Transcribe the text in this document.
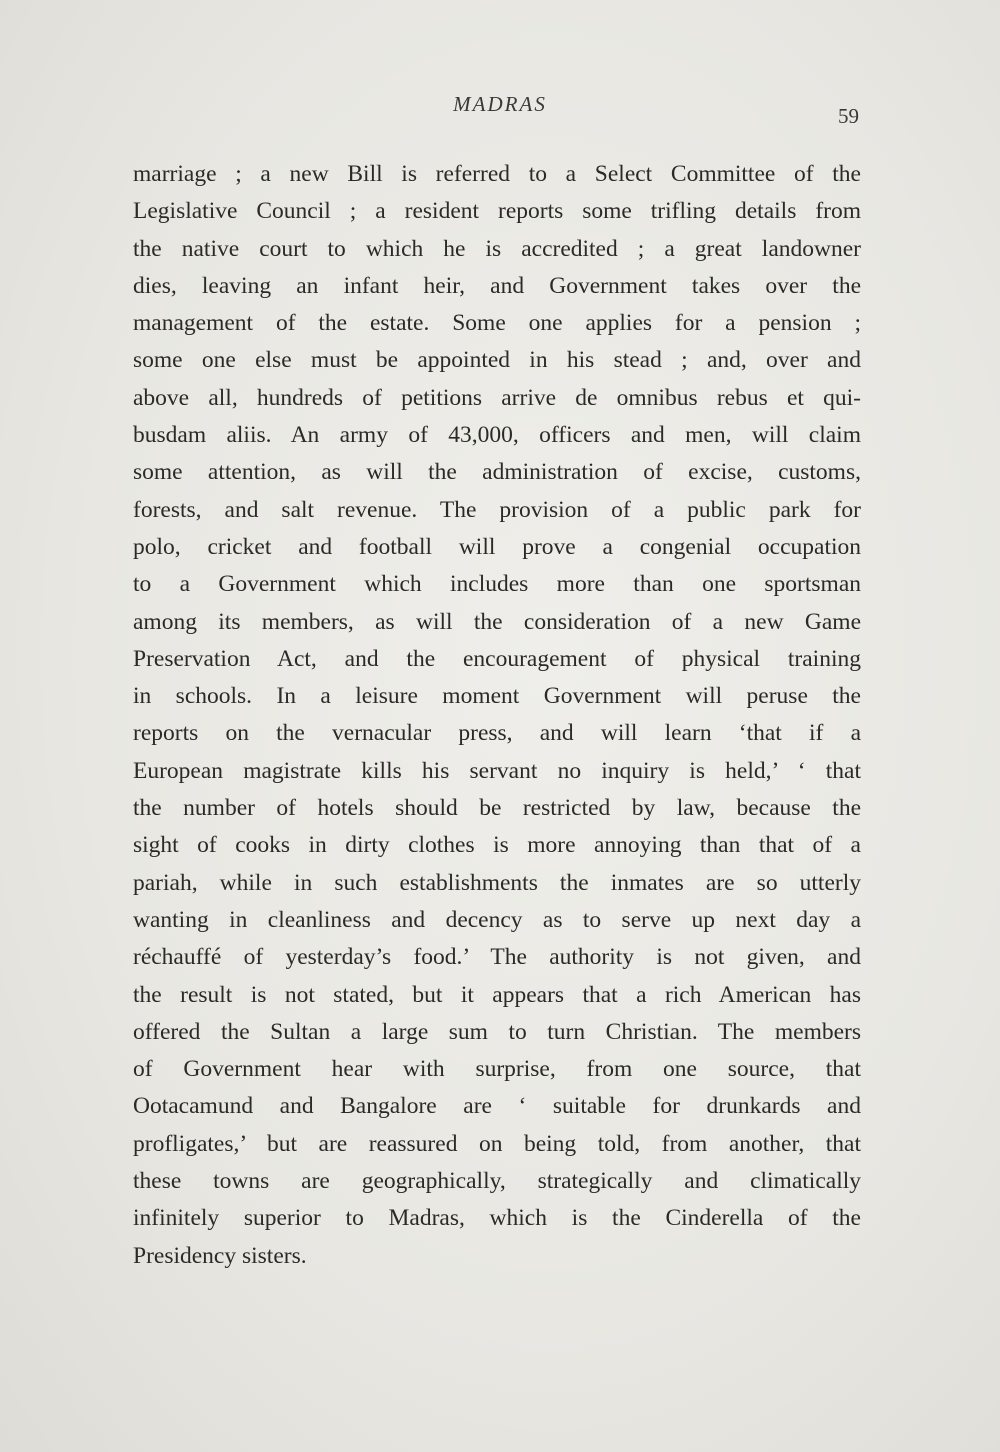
MADRAS	59
marriage ; a new Bill is referred to a Select Committee of the
Legislative Council ; a resident reports some trifling details from
the native court to which he is accredited ; a great landowner
dies, leaving an infant heir, and Government takes over the
management of the estate. Some one applies for a pension ;
some one else must be appointed in his stead ; and, over and
above all, hundreds of petitions arrive de omnibus rebus et qui-
busdam aliis. An army of 43,000, officers and men, will claim
some attention, as will the administration of excise, customs,
forests, and salt revenue. The provision of a public park for
polo, cricket and football will prove a congenial occupation
to a Government which includes more than one sportsman
among its members, as will the consideration of a new Game
Preservation Act, and the encouragement of physical training
in schools. In a leisure moment Government will peruse the
reports on the vernacular press, and will learn ‘that if a
European magistrate kills his servant no inquiry is held,’ ‘ that
the number of hotels should be restricted by law, because the
sight of cooks in dirty clothes is more annoying than that of a
pariah, while in such establishments the inmates are so utterly
wanting in cleanliness and decency as to serve up next day a
réchauffé of yesterday’s food.’ The authority is not given, and
the result is not stated, but it appears that a rich American has
offered the Sultan a large sum to turn Christian. The members
of Government hear with surprise, from one source, that
Ootacamund and Bangalore are ‘ suitable for drunkards and
profligates,’ but are reassured on being told, from another, that
these towns are geographically, strategically and climatically
infinitely superior to Madras, which is the Cinderella of the
Presidency sisters.
